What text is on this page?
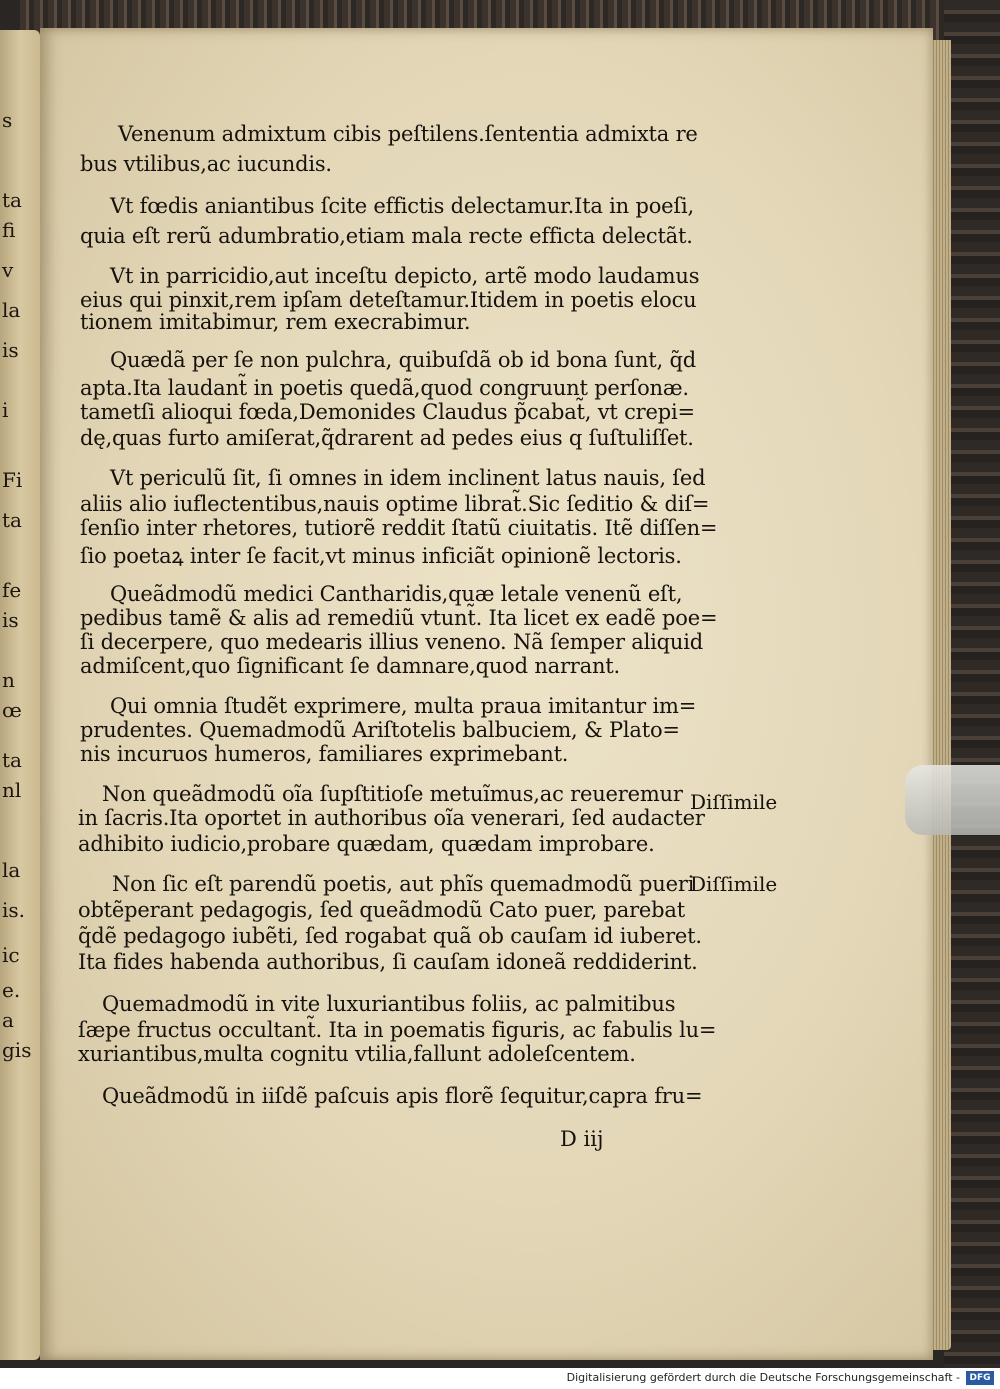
s
ta
fi
v
la
is
i
Fi
ta
fe
is
n
œ
ta
nl
la
is.
ic
e.
a
gis
Venenum admixtum cibis peſtilens.ſententia admixta re
bus vtilibus,ac iucundis.
Vt fœdis aniantibus ſcite effictis delectamur.Ita in poeſi,
quia eſt rerũ adumbratio,etiam mala recte efficta delectãt.
Vt in parricidio,aut inceſtu depicto, artẽ modo laudamus
eius qui pinxit,rem ipſam deteſtamur.Itidem in poetis elocu
tionem imitabimur, rem execrabimur.
Quædã per ſe non pulchra, quibuſdã ob id bona ſunt, q̃d
apta.Ita laudant̃ in poetis quedã,quod congruunt perſonæ.
tametſi alioqui fœda,Demonides Claudus p̃cabat̃, vt crepi=
dę,quas furto amiſerat,q̃drarent ad pedes eius q ſuſtuliſſet.
Vt periculũ ſit, ſi omnes in idem inclinent latus nauis, ſed
aliis alio iuflectentibus,nauis optime librat̃.Sic ſeditio & diſ=
ſenſio inter rhetores, tutiorẽ reddit ſtatũ ciuitatis. Itẽ diſſen=
ſio poetaꝝ inter ſe facit,vt minus inficiãt opinionẽ lectoris.
Queãdmodũ medici Cantharidis,quæ letale venenũ eſt,
pedibus tamẽ & alis ad remediũ vtunt̃. Ita licet ex eadẽ poe=
ſi decerpere, quo medearis illius veneno. Nã ſemper aliquid
admiſcent,quo ſignificant ſe damnare,quod narrant.
Qui omnia ſtudẽt exprimere, multa praua imitantur im=
prudentes. Quemadmodũ Ariſtotelis balbuciem, & Plato=
nis incuruos humeros, familiares exprimebant.
Non queãdmodũ oĩa ſupſtitioſe metuĩmus,ac reueremur
in ſacris.Ita oportet in authoribus oĩa venerari, ſed audacter
adhibito iudicio,probare quædam, quædam improbare.
Non ſic eſt parendũ poetis, aut phĩs quemadmodũ pueri
obtẽperant pedagogis, ſed queãdmodũ Cato puer, parebat
q̃dẽ pedagogo iubẽti, ſed rogabat quã ob cauſam id iuberet.
Ita fides habenda authoribus, ſi cauſam idoneã reddiderint.
Quemadmodũ in vite luxuriantibus foliis, ac palmitibus
ſæpe fructus occultant̃. Ita in poematis figuris, ac fabulis lu=
xuriantibus,multa cognitu vtilia,fallunt adoleſcentem.
Queãdmodũ in iiſdẽ paſcuis apis florẽ ſequitur,capra fru=
Diſſimile
Diſſimile
D iij
Digitalisierung gefördert durch die Deutsche Forschungsgemeinschaft -	DFG
